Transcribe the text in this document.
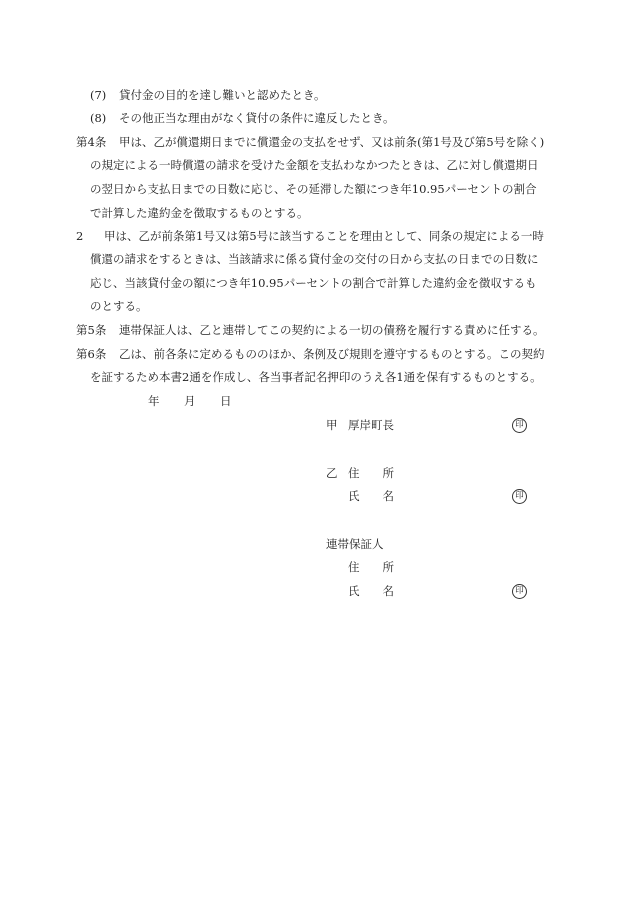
(7) 貸付金の目的を達し難いと認めたとき。
(8) その他正当な理由がなく貸付の条件に違反したとき。
第4条 甲は、乙が償還期日までに償還金の支払をせず、又は前条(第1号及び第5号を除く)
の規定による一時償還の請求を受けた金額を支払わなかつたときは、乙に対し償還期日
の翌日から支払日までの日数に応じ、その延滞した額につき年10.95パーセントの割合
で計算した違約金を徴取するものとする。
2 甲は、乙が前条第1号又は第5号に該当することを理由として、同条の規定による一時
償還の請求をするときは、当該請求に係る貸付金の交付の日から支払の日までの日数に
応じ、当該貸付金の額につき年10.95パーセントの割合で計算した違約金を徴収するも
のとする。
第5条 連帯保証人は、乙と連帯してこの契約による一切の債務を履行する責めに任する。
第6条 乙は、前各条に定めるもののほか、条例及び規則を遵守するものとする。この契約
を証するため本書2通を作成し、各当事者記名押印のうえ各1通を保有するものとする。
年 月 日
甲 厚岸町長	印
乙 住　　所
氏　　名	印
連帯保証人
住　　所
氏　　名	印
